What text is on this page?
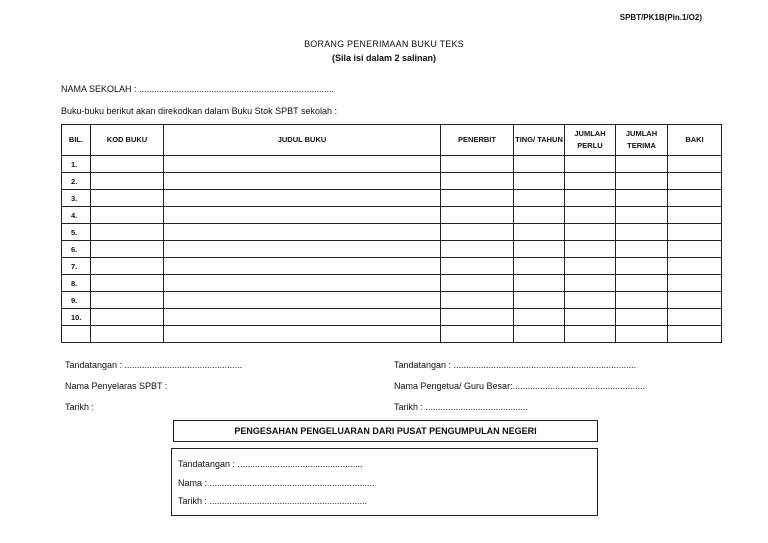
SPBT/PK1B(Pin.1/O2)
BORANG PENERIMAAN BUKU TEKS
(Sila isi dalam 2 salinan)
NAMA SEKOLAH : ..............................................................................
Buku-buku berikut akan direkodkan dalam Buku Stok SPBT sekolah :
BIL.	KOD BUKU	JUDUL BUKU	PENERBIT	TING/ TAHUN	JUMLAH PERLU	JUMLAH TERIMA	BAKI
1.							
2.							
3.							
4.							
5.							
6.							
7.							
8.							
9.							
10.							

Tandatangan : ...............................................
Nama Penyelaras SPBT :
Tarikh :
Tandatangan : .........................................................................
Nama Pengetua/ Guru Besar:.....................................................
Tarikh : .........................................
PENGESAHAN PENGELUARAN DARI PUSAT PENGUMPULAN NEGERI
Tandatangan : ..................................................
Nama : ..................................................................
Tarikh : ...............................................................
